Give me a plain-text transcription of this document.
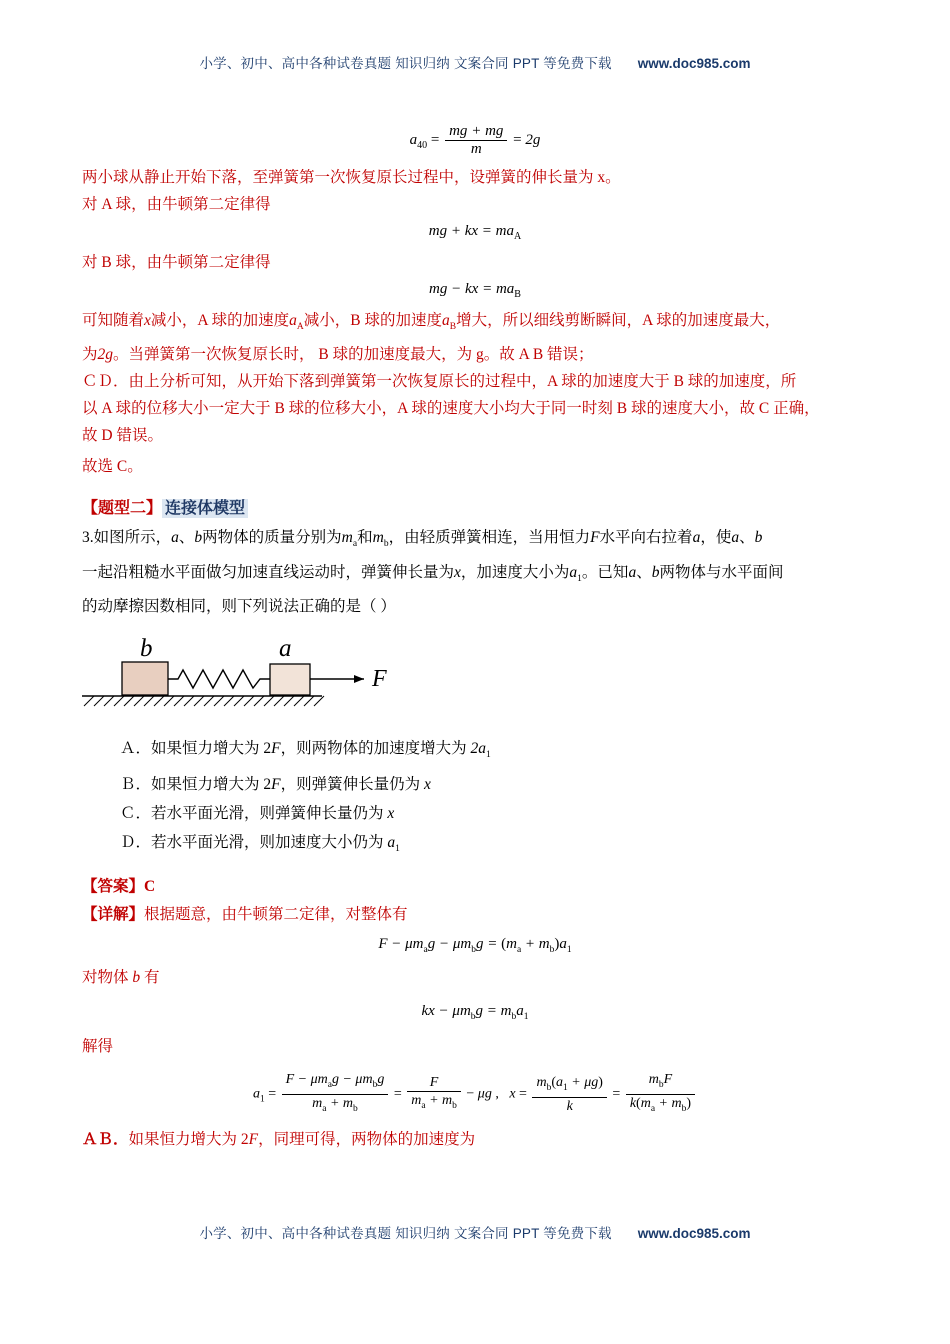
小学、初中、高中各种试卷真题 知识归纳 文案合同 PPT 等免费下载 www.doc985.com
$a_{40} = \frac{mg + mg}{m} = 2g$

两小球从静止开始下落，至弹簧第一次恢复原长过程中，设弹簧的伸长量为 x。

对 A 球，由牛顿第二定律得

mg + kx = $ma_A$

对 B 球，由牛顿第二定律得

mg − kx = $ma_B$

可知随着x减小，A 球的加速度$a_A$减小，B 球的加速度$a_B$增大，所以细线剪断瞬间，A 球的加速度最大，

为2g。当弹簧第一次恢复原长时， B 球的加速度最大，为 g。故 A B 错误；

ＣＤ．由上分析可知，从开始下落到弹簧第一次恢复原长的过程中，A 球的加速度大于 B 球的加速度，所

以 A 球的位移大小一定大于 B 球的位移大小，A 球的速度大小均大于同一时刻 B 球的速度大小，故 C 正确，

故 D 错误。

故选 C。

【题型二】 连接体模型
3.如图所示，a、b两物体的质量分别为$m_a$和$m_b$，由轻质弹簧相连，当用恒力F水平向右拉着a，使a、b
一起沿粗糙水平面做匀加速直线运动时，弹簧伸长量为x，加速度大小为$a_1$。已知a、b两物体与水平面间
的动摩擦因数相同，则下列说法正确的是（ ）
b	a
F
Ａ．如果恒力增大为 2F，则两物体的加速度增大为 $2a_1$
Ｂ．如果恒力增大为 2F，则弹簧伸长量仍为 x
Ｃ．若水平面光滑，则弹簧伸长量仍为 x
Ｄ．若水平面光滑，则加速度大小仍为 $a_1$
【答案】C
【详解】根据题意，由牛顿第二定律，对整体有
$F - \mu m_ag - \mu m_bg = (m_a + m_b)a_1$
对物体 b 有
kx − $\mu m_bg = m_ba_1$
解得
$a_1 = \frac{F - \mu m_ag - \mu m_bg}{m_a + m_b} = \frac{F}{m_a + m_b} - \mu g$ ,   $x = \frac{m_b(a_1 + \mu g)}{k} = \frac{m_bF}{k(m_a + m_b)}$
ＡＢ．如果恒力增大为 2F，同理可得，两物体的加速度为
小学、初中、高中各种试卷真题 知识归纳 文案合同 PPT 等免费下载 www.doc985.com
